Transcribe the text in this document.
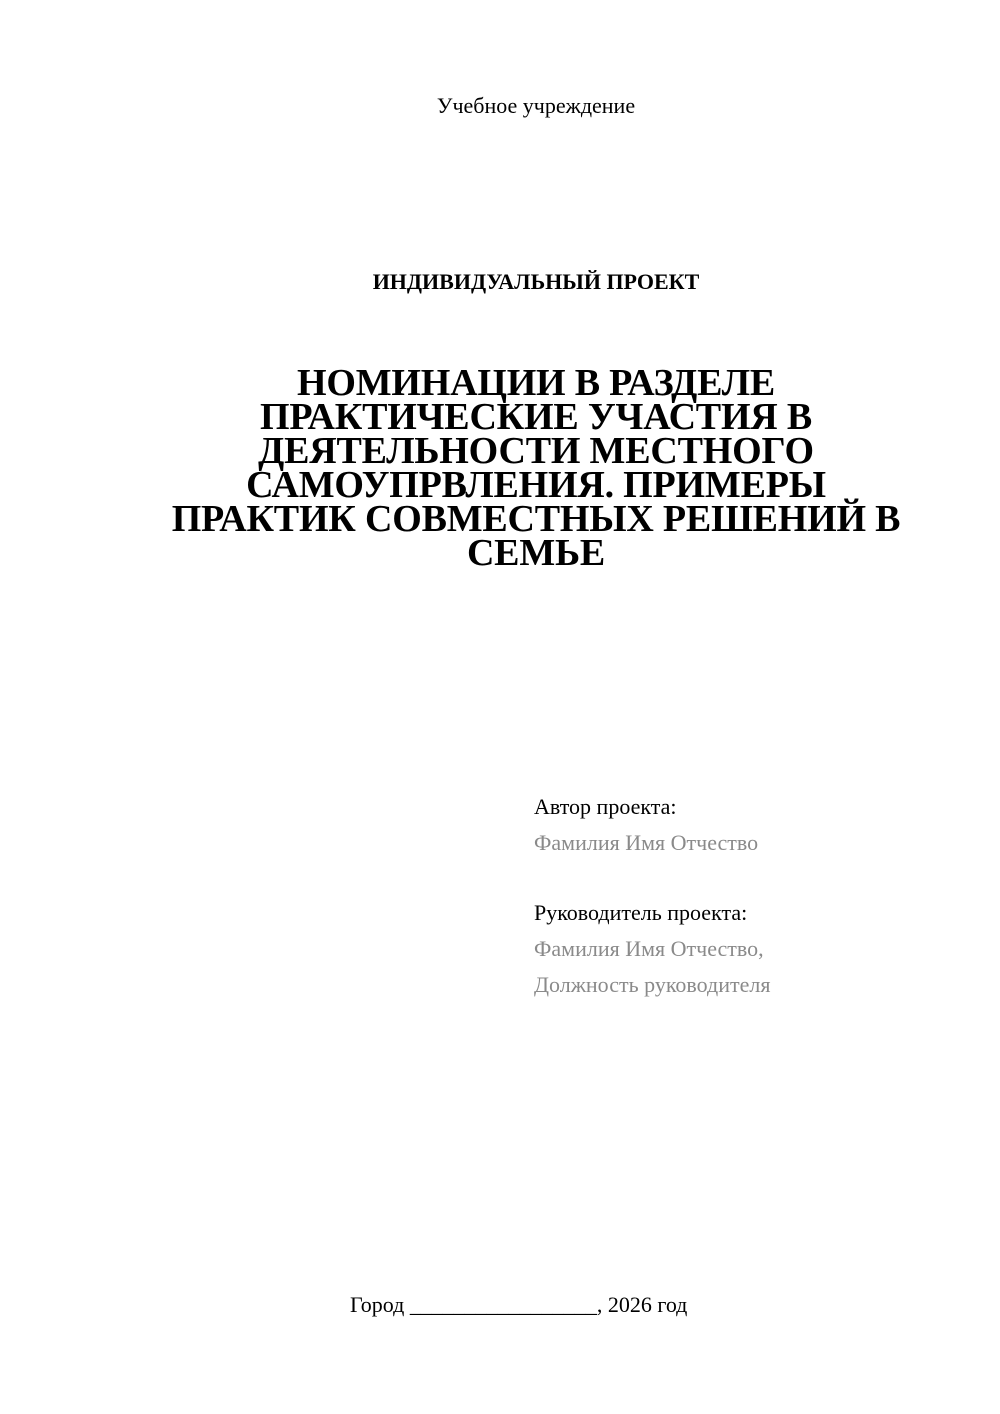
Учебное учреждение
ИНДИВИДУАЛЬНЫЙ ПРОЕКТ
НОМИНАЦИИ В РАЗДЕЛЕ
ПРАКТИЧЕСКИЕ УЧАСТИЯ В
ДЕЯТЕЛЬНОСТИ МЕСТНОГО
САМОУПРВЛЕНИЯ. ПРИМЕРЫ
ПРАКТИК СОВМЕСТНЫХ РЕШЕНИЙ В
СЕМЬЕ
Автор проекта:
Фамилия Имя Отчество
Руководитель проекта:
Фамилия Имя Отчество,
Должность руководителя
Город _________________, 2026 год
